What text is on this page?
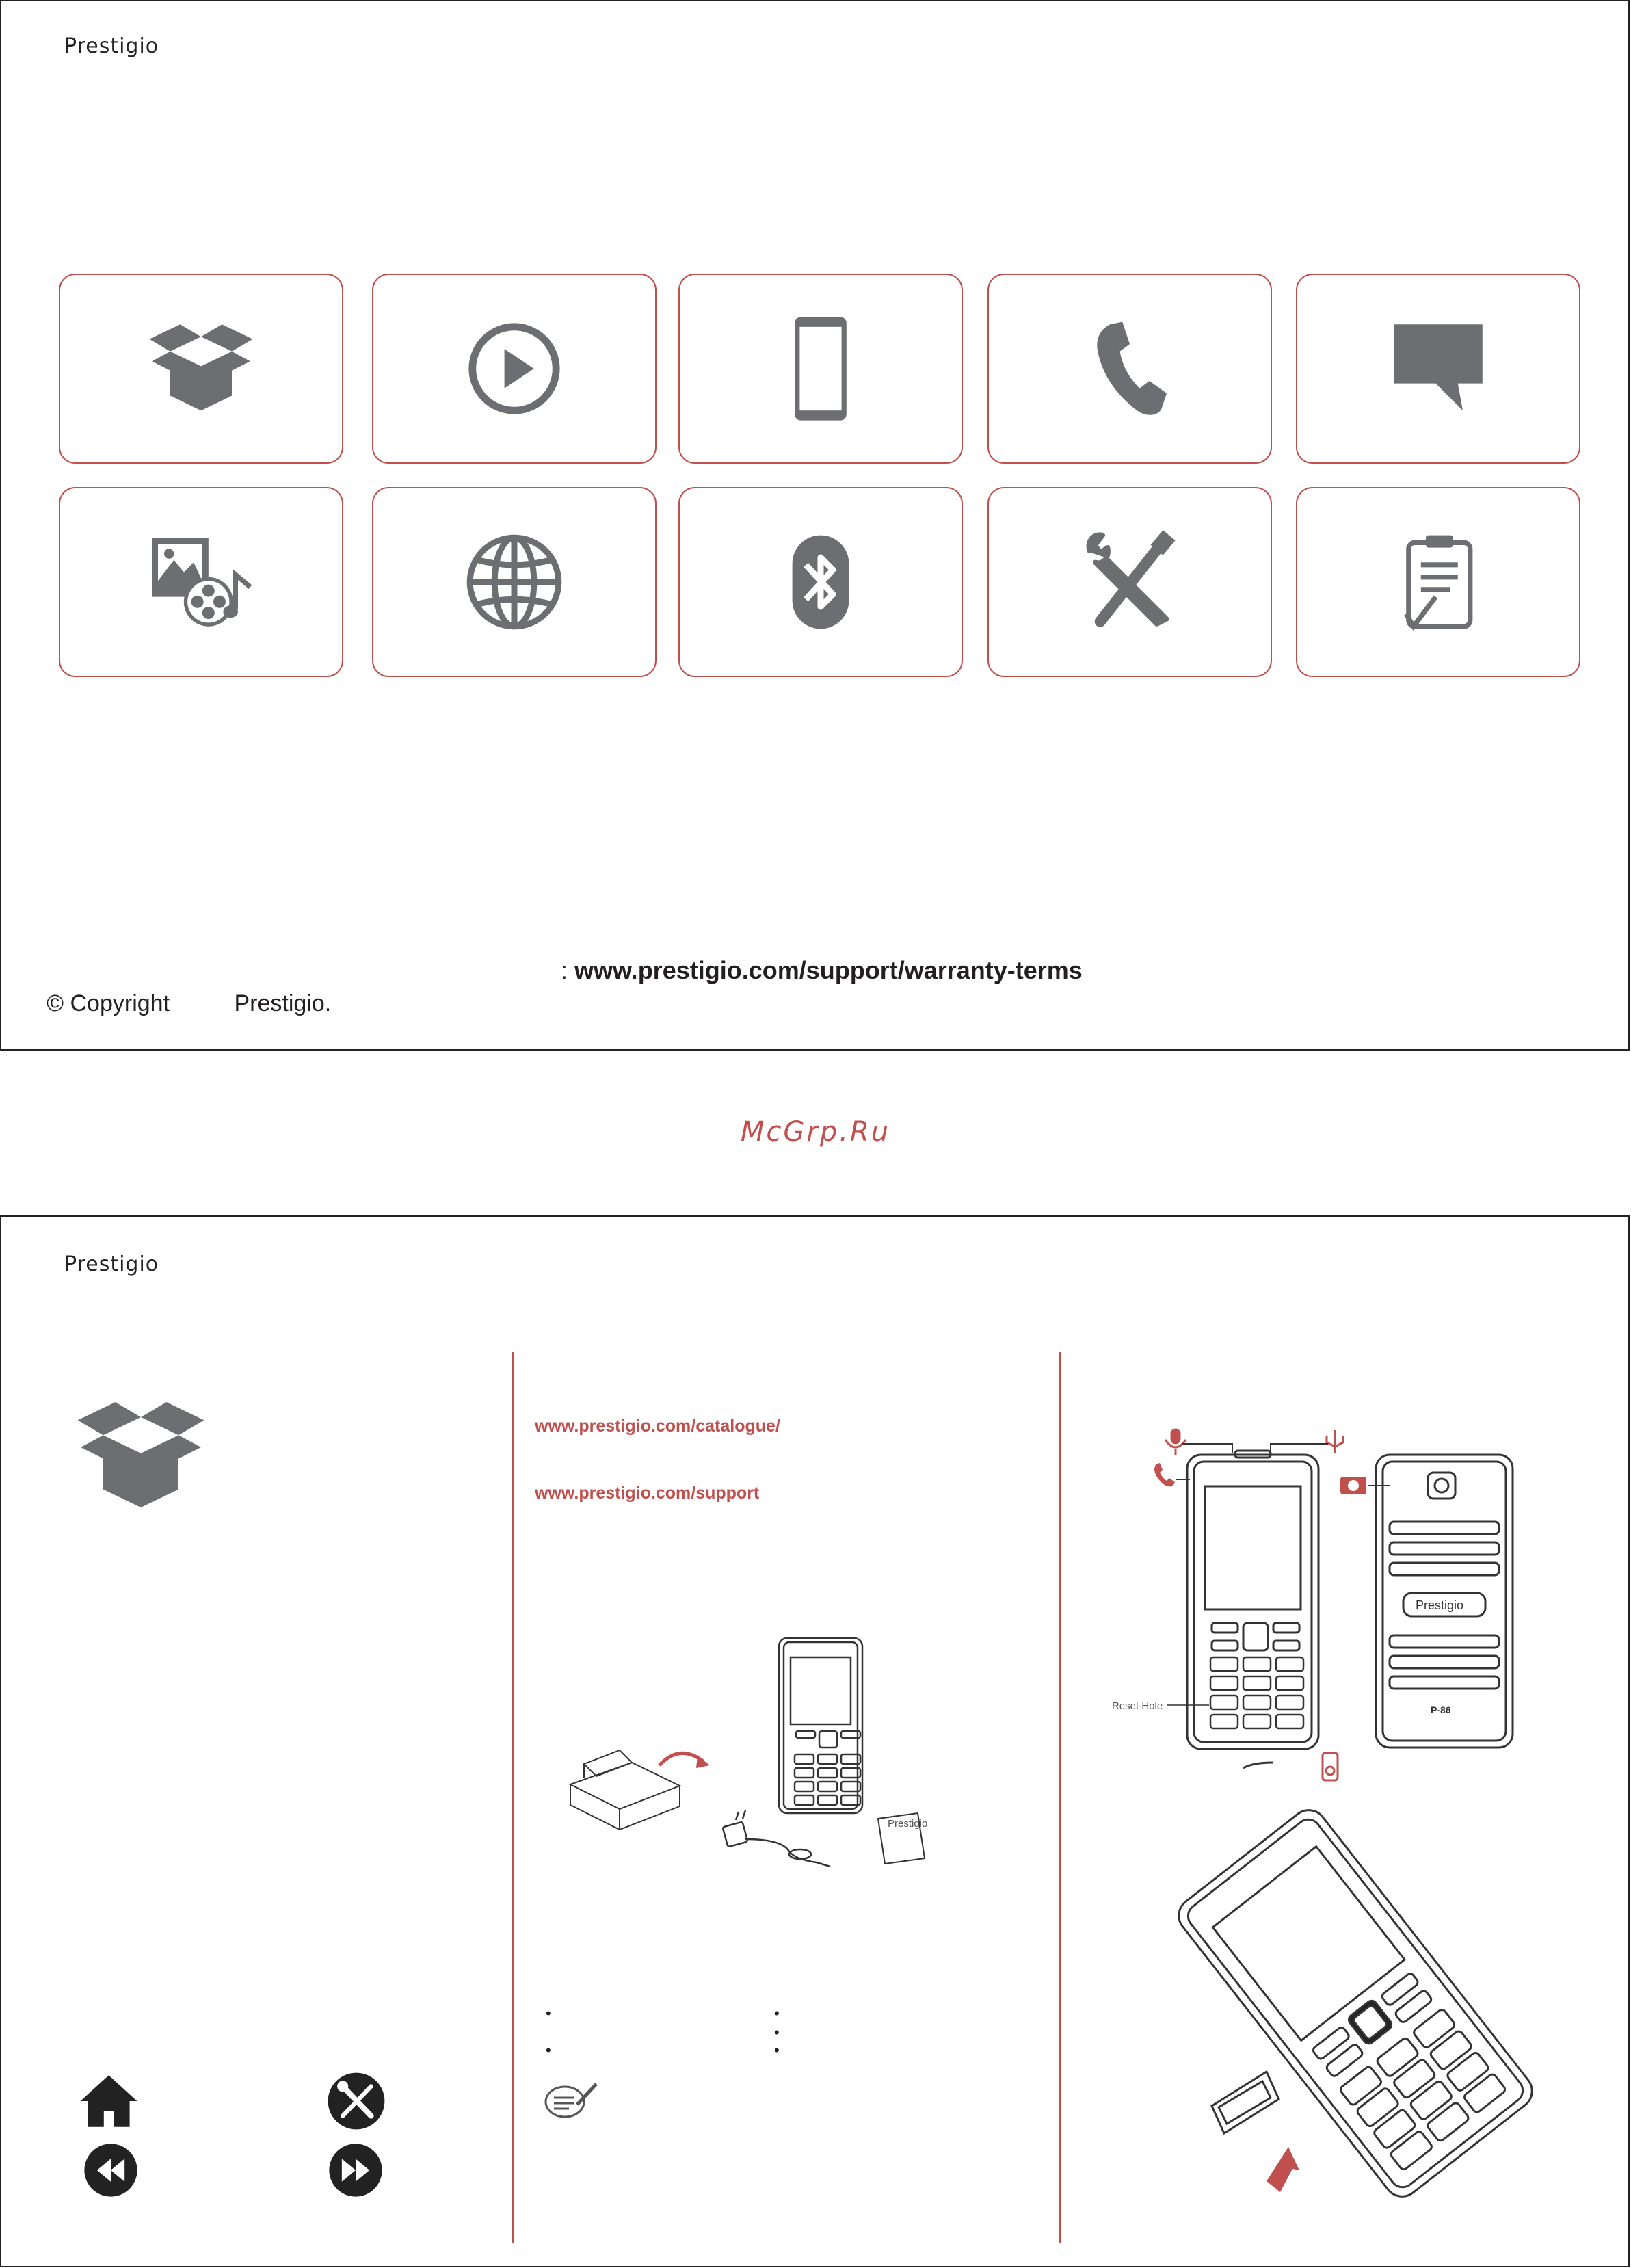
Prestigio
: www.prestigio.com/support/warranty-terms
© Copyright	Prestigio.
McGrp.Ru
Prestigio
www.prestigio.com/catalogue/
www.prestigio.com/support
Prestigio
•
•
•
•
•
Reset Hole
Prestigio
P-86
